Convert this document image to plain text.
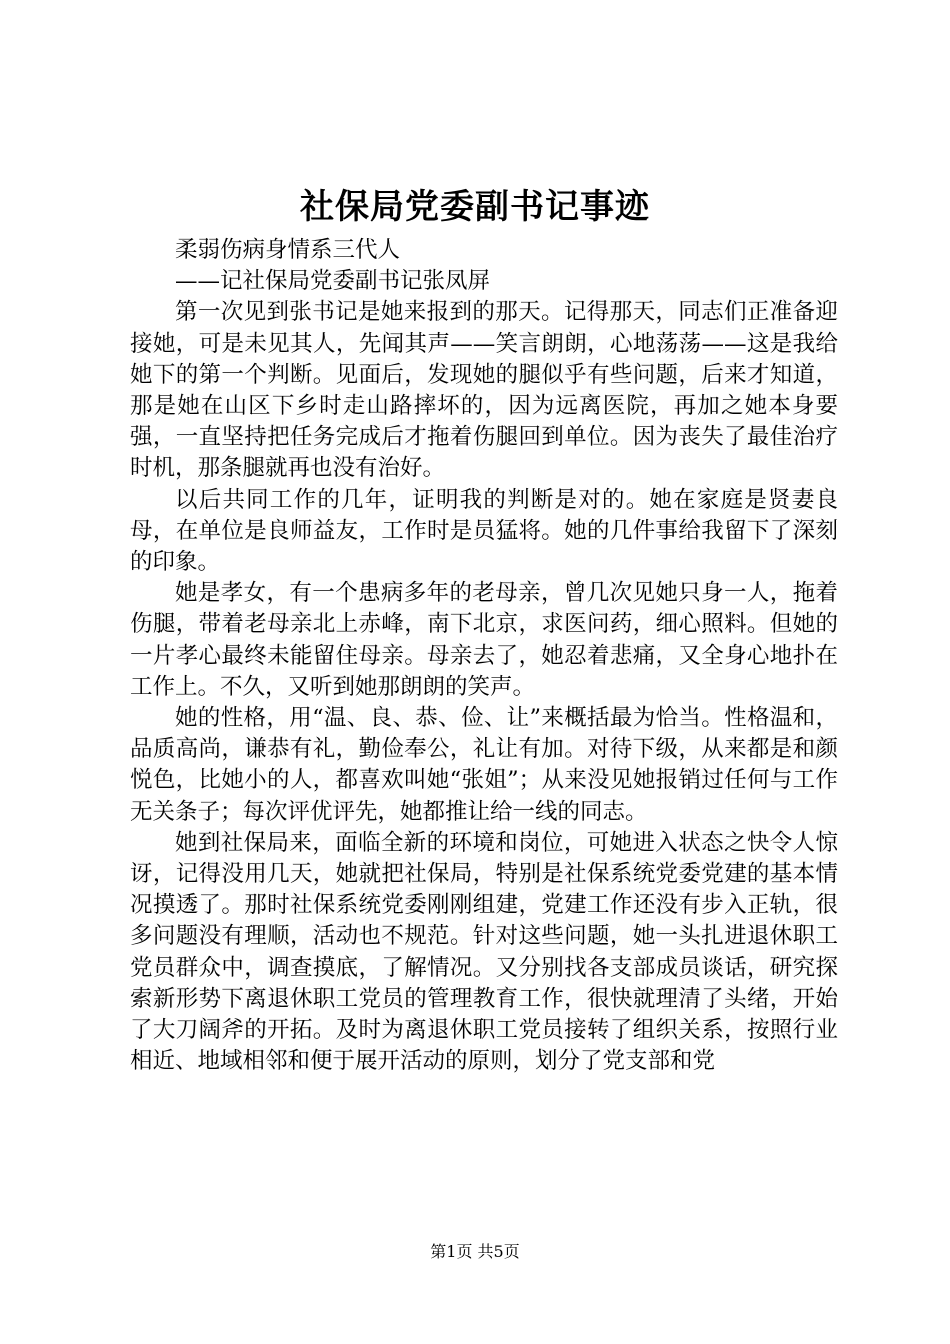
社保局党委副书记事迹

柔弱伤病身情系三代人

——记社保局党委副书记张凤屏

第一次见到张书记是她来报到的那天。记得那天，同志们正准备迎接她，可是未见其人，先闻其声——笑言朗朗，心地荡荡——这是我给她下的第一个判断。见面后，发现她的腿似乎有些问题，后来才知道，那是她在山区下乡时走山路摔坏的，因为远离医院，再加之她本身要强，一直坚持把任务完成后才拖着伤腿回到单位。因为丧失了最佳治疗时机，那条腿就再也没有治好。

以后共同工作的几年，证明我的判断是对的。她在家庭是贤妻良母，在单位是良师益友，工作时是员猛将。她的几件事给我留下了深刻的印象。

她是孝女，有一个患病多年的老母亲，曾几次见她只身一人，拖着伤腿，带着老母亲北上赤峰，南下北京，求医问药，细心照料。但她的一片孝心最终未能留住母亲。母亲去了，她忍着悲痛，又全身心地扑在工作上。不久，又听到她那朗朗的笑声。

她的性格，用“温、良、恭、俭、让”来概括最为恰当。性格温和，品质高尚，谦恭有礼，勤俭奉公，礼让有加。对待下级，从来都是和颜悦色，比她小的人，都喜欢叫她“张姐”；从来没见她报销过任何与工作无关条子；每次评优评先，她都推让给一线的同志。

她到社保局来，面临全新的环境和岗位，可她进入状态之快令人惊讶，记得没用几天，她就把社保局，特别是社保系统党委党建的基本情况摸透了。那时社保系统党委刚刚组建，党建工作还没有步入正轨，很多问题没有理顺，活动也不规范。针对这些问题，她一头扎进退休职工党员群众中，调查摸底，了解情况。又分别找各支部成员谈话，研究探索新形势下离退休职工党员的管理教育工作，很快就理清了头绪，开始了大刀阔斧的开拓。及时为离退休职工党员接转了组织关系，按照行业相近、地域相邻和便于展开活动的原则，划分了党支部和党

第1页 共5页
